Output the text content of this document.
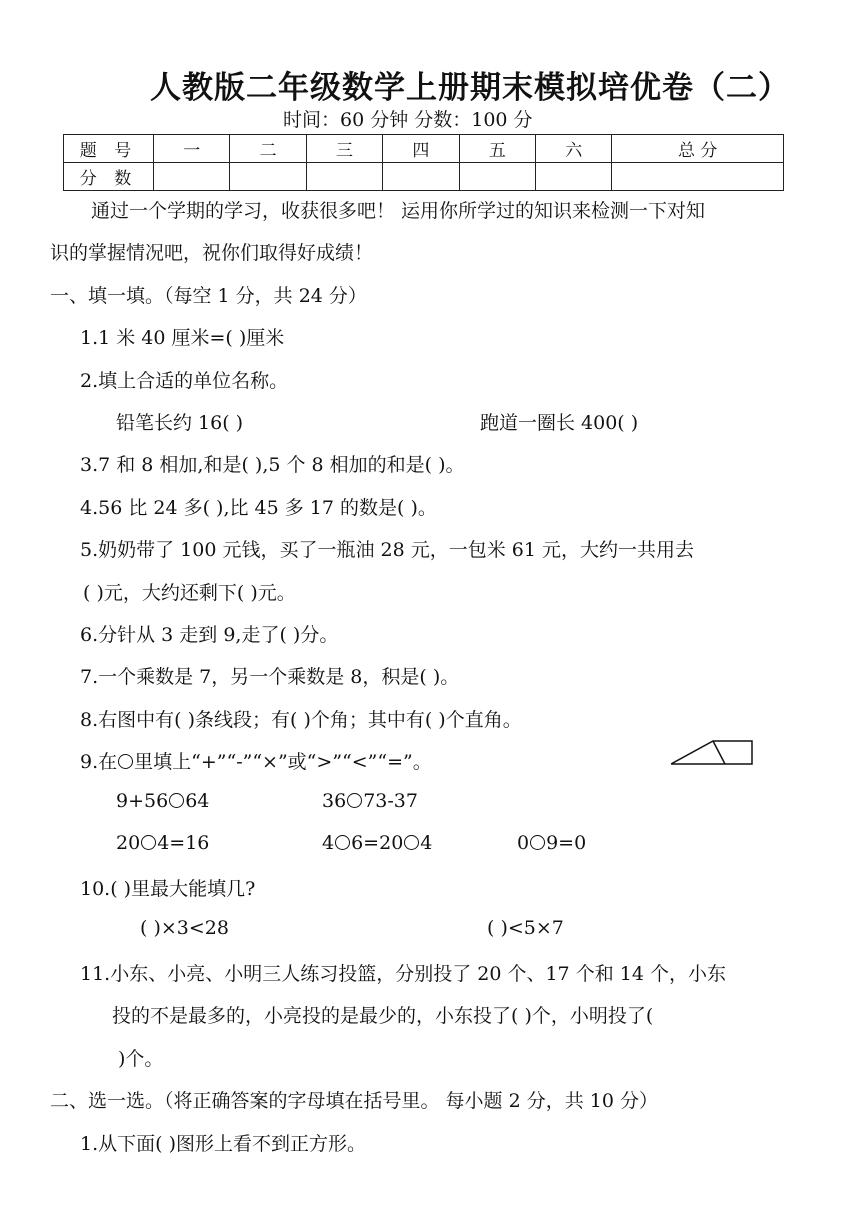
人教版二年级数学上册期末模拟培优卷（二）
时间：60 分钟 分数：100 分
题 号	一	二	三	四	五	六	总 分
分 数							
通过一个学期的学习，收获很多吧！ 运用你所学过的知识来检测一下对知
识的掌握情况吧，祝你们取得好成绩！
一、填一填。（每空 1 分，共 24 分）
1.1 米 40 厘米=( )厘米
2.填上合适的单位名称。
铅笔长约 16( )	跑道一圈长 400( )
3.7 和 8 相加,和是( ),5 个 8 相加的和是( )。
4.56 比 24 多( ),比 45 多 17 的数是( )。
5.奶奶带了 100 元钱，买了一瓶油 28 元，一包米 61 元，大约一共用去
( )元，大约还剩下( )元。
6.分针从 3 走到 9,走了( )分。
7.一个乘数是 7，另一个乘数是 8，积是( )。
8.右图中有( )条线段；有( )个角；其中有( )个直角。
9.在 里填上“+”“-”“×”或“>”“<”“=”。
9+56 64	36 73-37
20 4=16	4 6=20 4	0 9=0
10.( )里最大能填几?
( )×3<28	( )<5×7
11.小东、小亮、小明三人练习投篮，分别投了 20 个、17 个和 14 个，小东
投的不是最多的，小亮投的是最少的，小东投了( )个，小明投了(
)个。
二、选一选。（将正确答案的字母填在括号里。 每小题 2 分，共 10 分）
1.从下面( )图形上看不到正方形。
